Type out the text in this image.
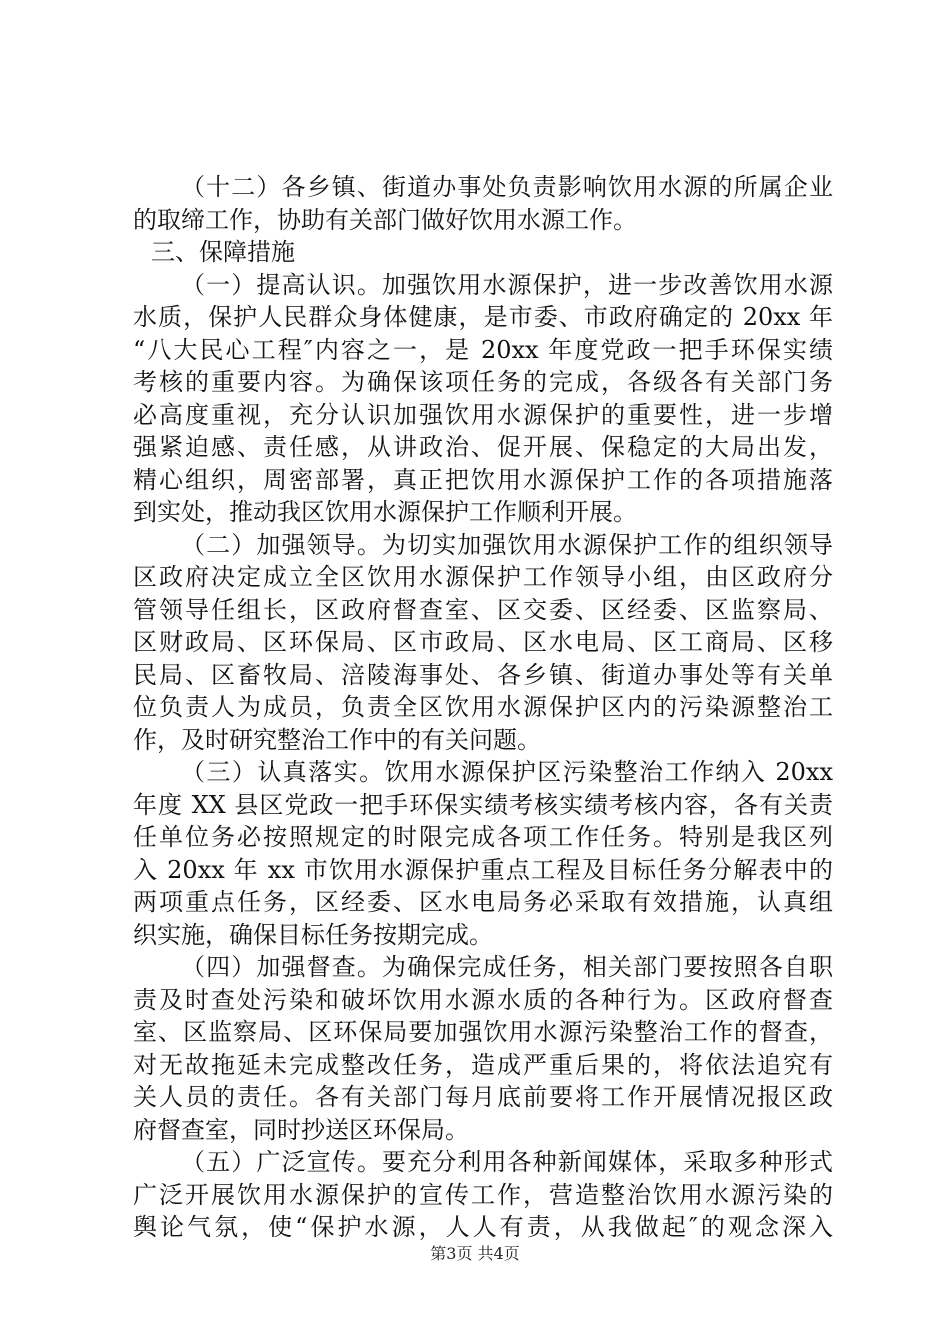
（十二）各乡镇、街道办事处负责影响饮用水源的所属企业
的取缔工作，协助有关部门做好饮用水源工作。
三、保障措施
（一）提高认识。加强饮用水源保护，进一步改善饮用水源
水质，保护人民群众身体健康，是市委、市政府确定的 20xx 年
“八大民心工程″内容之一，是 20xx 年度党政一把手环保实绩
考核的重要内容。为确保该项任务的完成，各级各有关部门务
必高度重视，充分认识加强饮用水源保护的重要性，进一步增
强紧迫感、责任感，从讲政治、促开展、保稳定的大局出发，
精心组织，周密部署，真正把饮用水源保护工作的各项措施落
到实处，推动我区饮用水源保护工作顺利开展。
（二）加强领导。为切实加强饮用水源保护工作的组织领导
区政府决定成立全区饮用水源保护工作领导小组，由区政府分
管领导任组长，区政府督查室、区交委、区经委、区监察局、
区财政局、区环保局、区市政局、区水电局、区工商局、区移
民局、区畜牧局、涪陵海事处、各乡镇、街道办事处等有关单
位负责人为成员，负责全区饮用水源保护区内的污染源整治工
作，及时研究整治工作中的有关问题。
（三）认真落实。饮用水源保护区污染整治工作纳入 20xx
年度 XX 县区党政一把手环保实绩考核实绩考核内容，各有关责
任单位务必按照规定的时限完成各项工作任务。特别是我区列
入 20xx 年 xx 市饮用水源保护重点工程及目标任务分解表中的
两项重点任务，区经委、区水电局务必采取有效措施，认真组
织实施，确保目标任务按期完成。
（四）加强督查。为确保完成任务，相关部门要按照各自职
责及时查处污染和破坏饮用水源水质的各种行为。区政府督查
室、区监察局、区环保局要加强饮用水源污染整治工作的督查，
对无故拖延未完成整改任务，造成严重后果的，将依法追究有
关人员的责任。各有关部门每月底前要将工作开展情况报区政
府督查室，同时抄送区环保局。
（五）广泛宣传。要充分利用各种新闻媒体，采取多种形式
广泛开展饮用水源保护的宣传工作，营造整治饮用水源污染的
舆论气氛，使“保护水源，人人有责，从我做起″的观念深入
第3页 共4页
